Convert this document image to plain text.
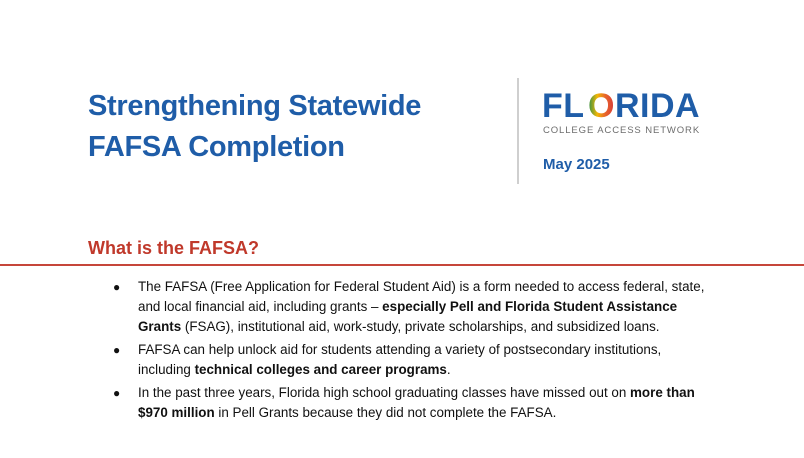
Strengthening Statewide
FAFSA Completion
FL O RIDA
COLLEGE ACCESS NETWORK
May 2025
What is the FAFSA?
● The FAFSA (Free Application for Federal Student Aid) is a form needed to access federal, state, and local financial aid, including grants – especially Pell and Florida Student Assistance Grants (FSAG), institutional aid, work-study, private scholarships, and subsidized loans.
● FAFSA can help unlock aid for students attending a variety of postsecondary institutions, including technical colleges and career programs.
● In the past three years, Florida high school graduating classes have missed out on more than $970 million in Pell Grants because they did not complete the FAFSA.
